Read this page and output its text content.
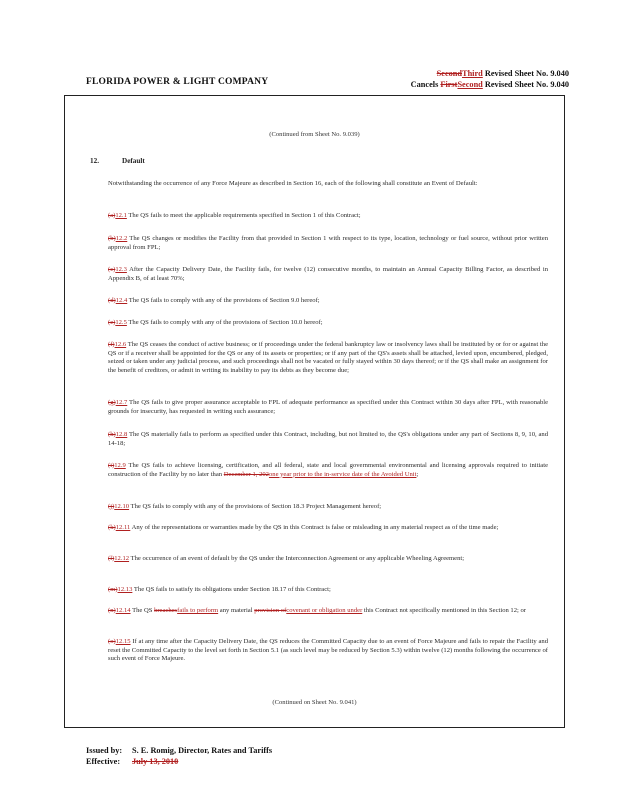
FLORIDA POWER & LIGHT COMPANY
SecondThird Revised Sheet No. 9.040
Cancels FirstSecond Revised Sheet No. 9.040
(Continued from Sheet No. 9.039)
12.	Default
Notwithstanding the occurrence of any Force Majeure as described in Section 16, each of the following shall constitute an Event of Default:
(a)12.1 The QS fails to meet the applicable requirements specified in Section 1 of this Contract;
(b)12.2 The QS changes or modifies the Facility from that provided in Section 1 with respect to its type, location, technology or fuel source, without prior written approval from FPL;
(c)12.3 After the Capacity Delivery Date, the Facility fails, for twelve (12) consecutive months, to maintain an Annual Capacity Billing Factor, as described in Appendix B, of at least 70%;
(d)12.4 The QS fails to comply with any of the provisions of Section 9.0 hereof;
(e)12.5 The QS fails to comply with any of the provisions of Section 10.0 hereof;
(f)12.6 The QS ceases the conduct of active business; or if proceedings under the federal bankruptcy law or insolvency laws shall be instituted by or for or against the QS or if a receiver shall be appointed for the QS or any of its assets or properties; or if any part of the QS's assets shall be attached, levied upon, encumbered, pledged, seized or taken under any judicial process, and such proceedings shall not be vacated or fully stayed within 30 days thereof; or if the QS shall make an assignment for the benefit of creditors, or admit in writing its inability to pay its debts as they become due;
(g)12.7 The QS fails to give proper assurance acceptable to FPL of adequate performance as specified under this Contract within 30 days after FPL, with reasonable grounds for insecurity, has requested in writing such assurance;
(h)12.8 The QS materially fails to perform as specified under this Contract, including, but not limited to, the QS's obligations under any part of Sections 8, 9, 10, and 14-18;
(i)12.9 The QS fails to achieve licensing, certification, and all federal, state and local governmental environmental and licensing approvals required to initiate construction of the Facility by no later than December 1, 202one year prior to the in-service date of the Avoided Unit;
(j)12.10 The QS fails to comply with any of the provisions of Section 18.3 Project Management hereof;
(k)12.11 Any of the representations or warranties made by the QS in this Contract is false or misleading in any material respect as of the time made;
(l)12.12 The occurrence of an event of default by the QS under the Interconnection Agreement or any applicable Wheeling Agreement;
(m)12.13 The QS fails to satisfy its obligations under Section 18.17 of this Contract;
(n)12.14 The QS breachesfails to perform any material provision ofcovenant or obligation under this Contract not specifically mentioned in this Section 12; or
(o)12.15 If at any time after the Capacity Delivery Date, the QS reduces the Committed Capacity due to an event of Force Majeure and fails to repair the Facility and reset the Committed Capacity to the level set forth in Section 5.1 (as such level may be reduced by Section 5.3) within twelve (12) months following the occurrence of such event of Force Majeure.
(Continued on Sheet No. 9.041)
Issued by: S. E. Romig, Director, Rates and Tariffs
Effective: July 13, 2010
